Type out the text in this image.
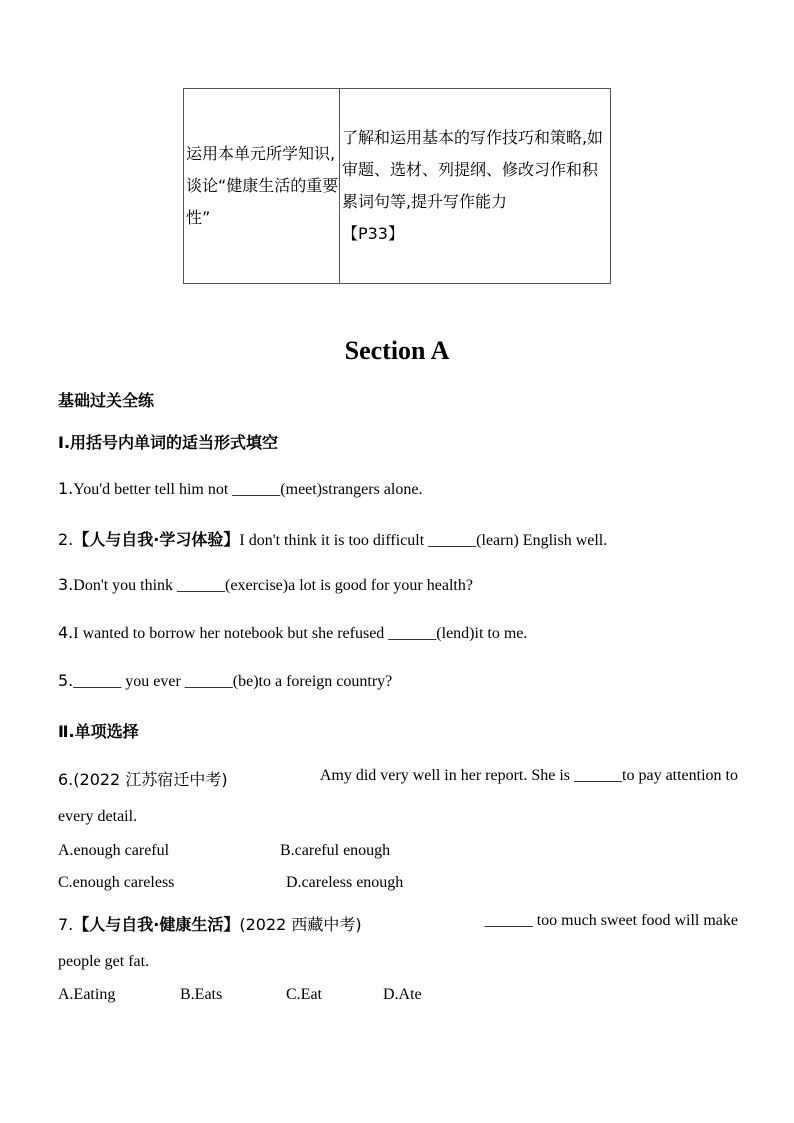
运用本单元所学知识,谈论“健康生活的重要性”	了解和运用基本的写作技巧和策略,如审题、选材、列提纲、修改习作和积累词句等,提升写作能力
【P33】
Section A
基础过关全练
Ⅰ.用括号内单词的适当形式填空
1.You'd better tell him not ______(meet)strangers alone.
2.【人与自我·学习体验】I don't think it is too difficult ______(learn) English well.
3.Don't you think ______(exercise)a lot is good for your health?
4.I wanted to borrow her notebook but she refused ______(lend)it to me.
5.______ you ever ______(be)to a foreign country?
Ⅱ.单项选择
6.(2022 江苏宿迁中考)	Amy did very well in her report. She is ______to pay attention to
every detail.
A.enough careful	B.careful enough
C.enough careless	D.careless enough
7.【人与自我·健康生活】(2022 西藏中考)	______ too much sweet food will make
people get fat.
A.Eating	B.Eats	C.Eat	D.Ate
